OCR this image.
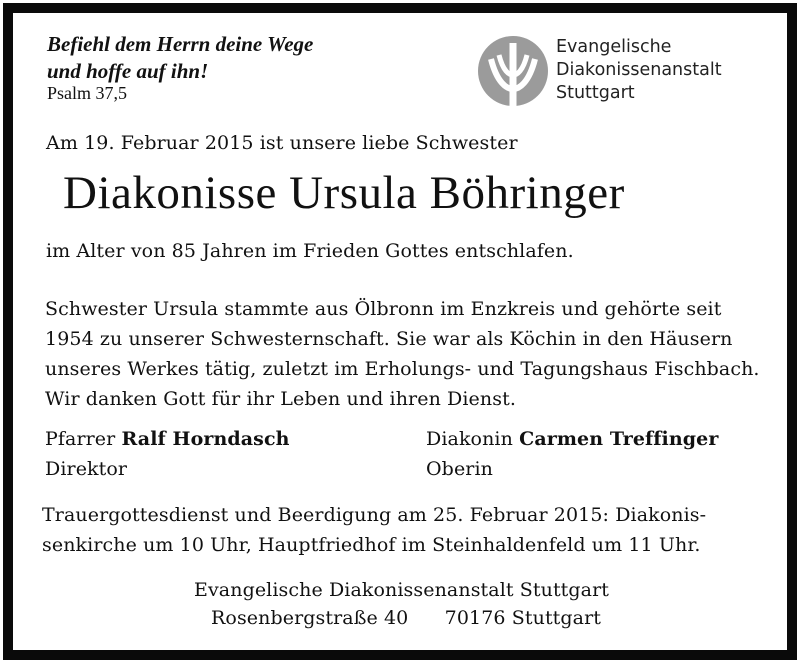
Befiehl dem Herrn deine Wege
und hoffe auf ihn!
Psalm 37,5
Evangelische
Diakonissenanstalt
Stuttgart
Am 19. Februar 2015 ist unsere liebe Schwester
Diakonisse Ursula Böhringer
im Alter von 85 Jahren im Frieden Gottes entschlafen.
Schwester Ursula stammte aus Ölbronn im Enzkreis und gehörte seit
1954 zu unserer Schwesternschaft. Sie war als Köchin in den Häusern
unseres Werkes tätig, zuletzt im Erholungs- und Tagungshaus Fischbach.
Wir danken Gott für ihr Leben und ihren Dienst.
Pfarrer Ralf Horndasch
Direktor
Diakonin Carmen Treffinger
Oberin
Trauergottesdienst und Beerdigung am 25. Februar 2015: Diakonis-
senkirche um 10 Uhr, Hauptfriedhof im Steinhaldenfeld um 11 Uhr.
Evangelische Diakonissenanstalt Stuttgart
Rosenbergstraße 40 70176 Stuttgart
